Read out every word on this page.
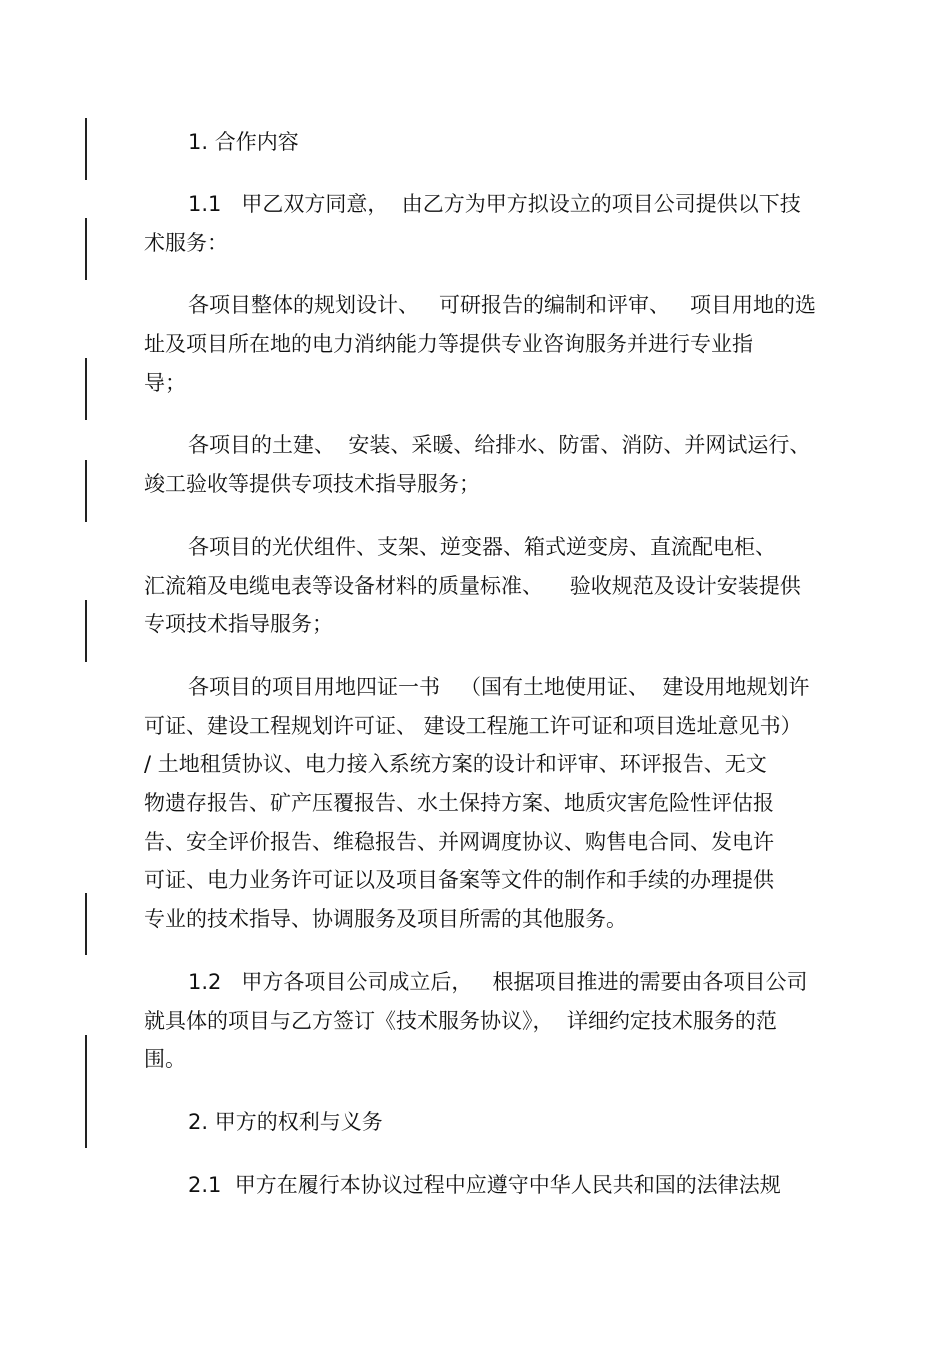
1. 合作内容
1.1   甲乙双方同意，  由乙方为甲方拟设立的项目公司提供以下技
术服务：
各项目整体的规划设计、   可研报告的编制和评审、   项目用地的选
址及项目所在地的电力消纳能力等提供专业咨询服务并进行专业指
导；
各项目的土建、  安装、采暖、给排水、防雷、消防、并网试运行、
竣工验收等提供专项技术指导服务；
各项目的光伏组件、支架、逆变器、箱式逆变房、直流配电柜、
汇流箱及电缆电表等设备材料的质量标准、    验收规范及设计安装提供
专项技术指导服务；
各项目的项目用地四证一书   （国有土地使用证、  建设用地规划许
可证、建设工程规划许可证、 建设工程施工许可证和项目选址意见书）
/ 土地租赁协议、电力接入系统方案的设计和评审、环评报告、无文
物遗存报告、矿产压覆报告、水土保持方案、地质灾害危险性评估报
告、安全评价报告、维稳报告、并网调度协议、购售电合同、发电许
可证、电力业务许可证以及项目备案等文件的制作和手续的办理提供
专业的技术指导、协调服务及项目所需的其他服务。
1.2   甲方各项目公司成立后，   根据项目推进的需要由各项目公司
就具体的项目与乙方签订《技术服务协议》，  详细约定技术服务的范
围。
2. 甲方的权利与义务
2.1  甲方在履行本协议过程中应遵守中华人民共和国的法律法规
